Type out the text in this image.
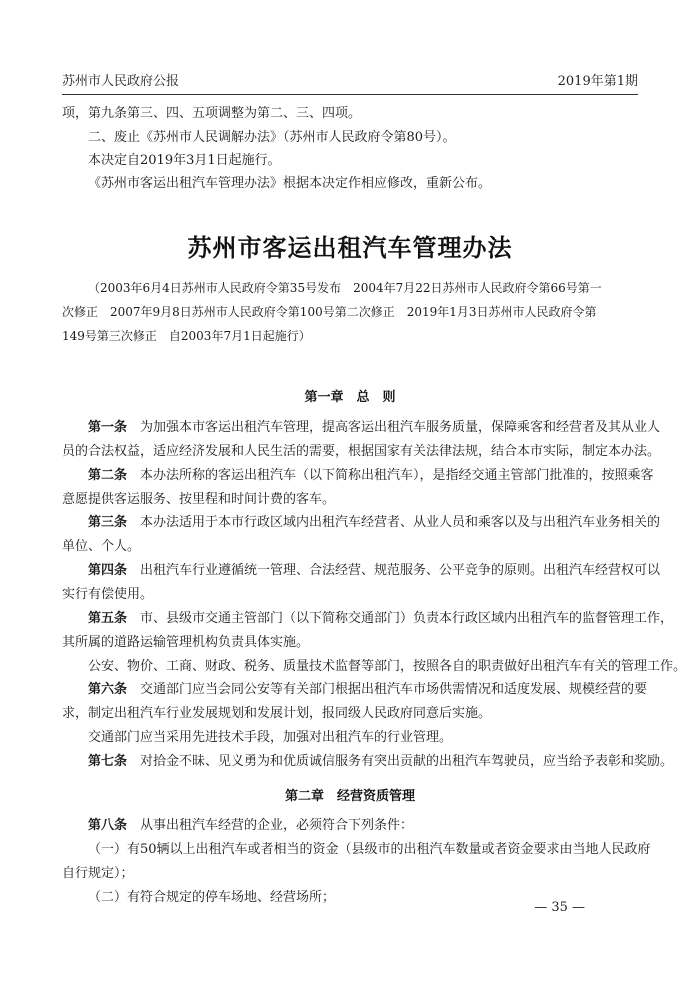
苏州市人民政府公报	2019年第1期
项，第九条第三、四、五项调整为第二、三、四项。
二、废止《苏州市人民调解办法》（苏州市人民政府令第80号）。
本决定自2019年3月1日起施行。
《苏州市客运出租汽车管理办法》根据本决定作相应修改，重新公布。
苏州市客运出租汽车管理办法
（2003年6月4日苏州市人民政府令第35号发布　2004年7月22日苏州市人民政府令第66号第一
次修正　2007年9月8日苏州市人民政府令第100号第二次修正　2019年1月3日苏州市人民政府令第
149号第三次修正　自2003年7月1日起施行）
第一章　总　则
第一条　 为加强本市客运出租汽车管理，提高客运出租汽车服务质量，保障乘客和经营者及其从业人
员的合法权益，适应经济发展和人民生活的需要，根据国家有关法律法规，结合本市实际，制定本办法。
第二条　 本办法所称的客运出租汽车（以下简称出租汽车），是指经交通主管部门批准的，按照乘客
意愿提供客运服务、按里程和时间计费的客车。
第三条　 本办法适用于本市行政区域内出租汽车经营者、从业人员和乘客以及与出租汽车业务相关的
单位、个人。
第四条　 出租汽车行业遵循统一管理、合法经营、规范服务、公平竞争的原则。出租汽车经营权可以
实行有偿使用。
第五条　 市、县级市交通主管部门（以下简称交通部门）负责本行政区域内出租汽车的监督管理工作，
其所属的道路运输管理机构负责具体实施。
公安、物价、工商、财政、税务、质量技术监督等部门，按照各自的职责做好出租汽车有关的管理工作。
第六条　 交通部门应当会同公安等有关部门根据出租汽车市场供需情况和适度发展、规模经营的要
求，制定出租汽车行业发展规划和发展计划，报同级人民政府同意后实施。
交通部门应当采用先进技术手段，加强对出租汽车的行业管理。
第七条　 对拾金不昧、见义勇为和优质诚信服务有突出贡献的出租汽车驾驶员，应当给予表彰和奖励。
第二章　经营资质管理
第八条　 从事出租汽车经营的企业，必须符合下列条件：
（一）有50辆以上出租汽车或者相当的资金（县级市的出租汽车数量或者资金要求由当地人民政府
自行规定）；
（二）有符合规定的停车场地、经营场所；
— 35 —
